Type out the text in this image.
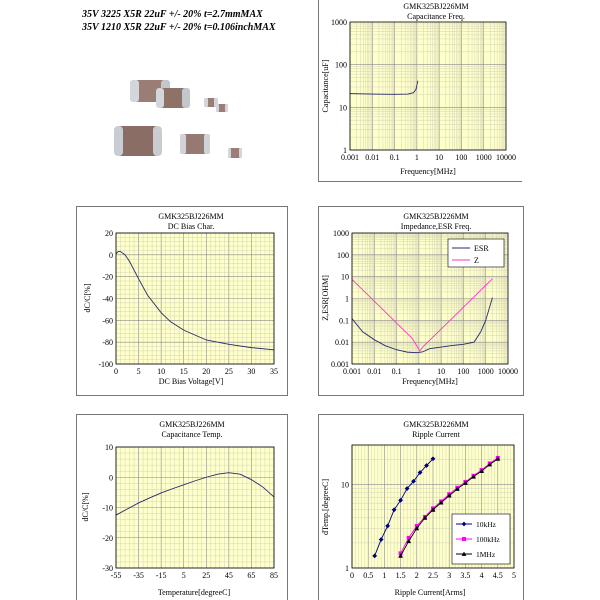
35V 3225 X5R 22uF +/- 20% t=2.7mmMAX
35V 1210 X5R 22uF +/- 20% t=0.106inchMAX
GMK325BJ226MM
Capacitance Freq.
0.001 0.01 0.1 1 10 100 1000 10000
1
10
100
1000
Frequency[MHz]
Capacitance[uF]
GMK325BJ226MM
DC Bias Char.
0 5 10 15 20 25 30 35
20
0
-20
-40
-60
-80
-100
DC Bias Voltage[V]
dC/C[%]
GMK325BJ226MM
Impedance,ESR Freq.
ESR
Z
0.001 0.01 0.1 1 10 100 1000 10000
0.001
0.01
0.1
1
10
100
1000
Frequency[MHz]
Z,ESR[OHM]
GMK325BJ226MM
Capacitance Temp.
-55 -35 -15 5 25 45 65 85
10
0
-10
-20
-30
Temperature[degreeC]
dC/C[%]
GMK325BJ226MM
Ripple Current
10kHz
100kHz
1MHz
0 0.5 1 1.5 2 2.5 3 3.5 4 4.5 5
1
10
Ripple Current[Arms]
dTemp.[degreeC]
